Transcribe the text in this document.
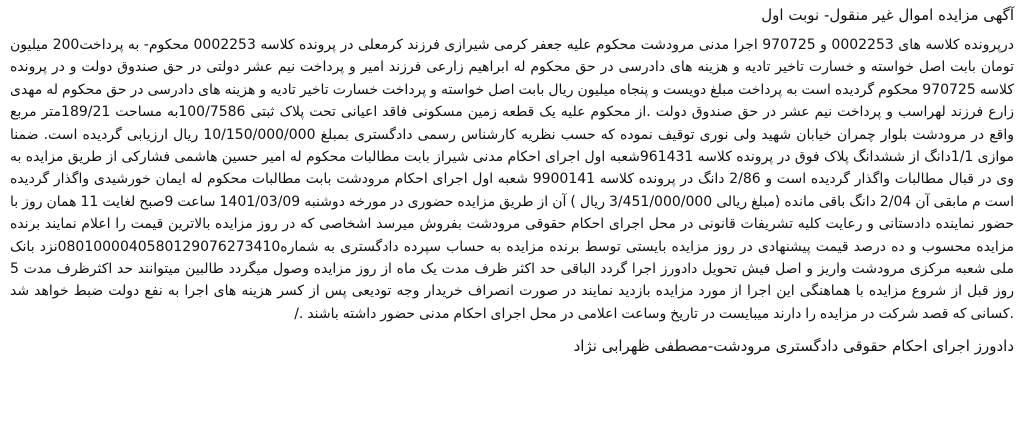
آگهی مزایده اموال غیر منقول- نوبت اول

درپرونده کلاسه های 0002253 و 970725 اجرا مدنی مرودشت محکوم علیه جعفر کرمی شیرازی فرزند کرمعلی در پرونده کلاسه 0002253 محکوم- به پرداخت200 میلیون تومان بابت اصل خواسته و خسارت تاخیر تادیه و هزینه های دادرسی در حق محکوم له ابراهیم زارعی فرزند امیر و پرداخت نیم عشر دولتی در حق صندوق دولت و در پرونده کلاسه 970725 محکوم گردیده است به پرداخت مبلغ دویست و پنجاه میلیون ریال بابت اصل خواسته و پرداخت خسارت تاخیر تادیه و هزینه های دادرسی در حق محکوم له مهدی زارع فرزند لهراسب و پرداخت نیم عشر در حق صندوق دولت .از محکوم علیه یک قطعه زمین مسکونی فاقد اعیانی تحت پلاک ثبتی 100/7586به مساحت 189/21متر مربع واقع در مرودشت بلوار چمران خیابان شهید ولی نوری توقیف نموده که حسب نظریه کارشناس رسمی دادگستری بمبلغ 10/150/000/000 ریال ارزیابی گردیده است. ضمنا موازی 1/1دانگ از ششدانگ پلاک فوق در پرونده کلاسه 961431شعبه اول اجرای احکام مدنی شیراز بابت مطالبات محکوم له امیر حسین هاشمی فشارکی از طریق مزایده به وی در قبال مطالبات واگذار گردیده است و 2/86 دانگ در پرونده کلاسه 9900141 شعبه اول اجرای احکام مرودشت بابت مطالبات محکوم له ایمان خورشیدی واگذار گردیده است م مابقی آن 2/04 دانگ باقی مانده (مبلغ ریالی 3/451/000/000 ریال ) آن از طریق مزایده حضوری در مورخه دوشنبه 1401/03/09 ساعت 9صبح لغایت 11 همان روز با حضور نماینده دادستانی و رعایت کلیه تشریفات قانونی در محل اجرای احکام حقوقی مرودشت بفروش میرسد اشخاصی که در روز مزایده بالاترین قیمت را اعلام نمایند برنده مزایده محسوب و ده درصد قیمت پیشنهادی در روز مزایده بایستی توسط برنده مزایده به حساب سپرده دادگستری به شماره0801000040580129076273410نزد بانک ملی شعبه مرکزی مرودشت واریز و اصل فیش تحویل دادورز اجرا گردد الباقی حد اکثر ظرف مدت یک ماه از روز مزایده وصول میگردد طالبین میتوانند حد اکثرظرف مدت 5 روز قبل از شروع مزایده با هماهنگی این اجرا از مورد مزایده بازدید نمایند در صورت انصراف خریدار وجه تودیعی پس از کسر هزینه های اجرا به نفع دولت ضبط خواهد شد .کسانی که قصد شرکت در مزایده را دارند میبایست در تاریخ وساعت اعلامی در محل اجرای احکام مدنی حضور داشته باشند ./

دادورز اجرای احکام حقوقی دادگستری مرودشت-مصطفی ظهرابی نژاد
